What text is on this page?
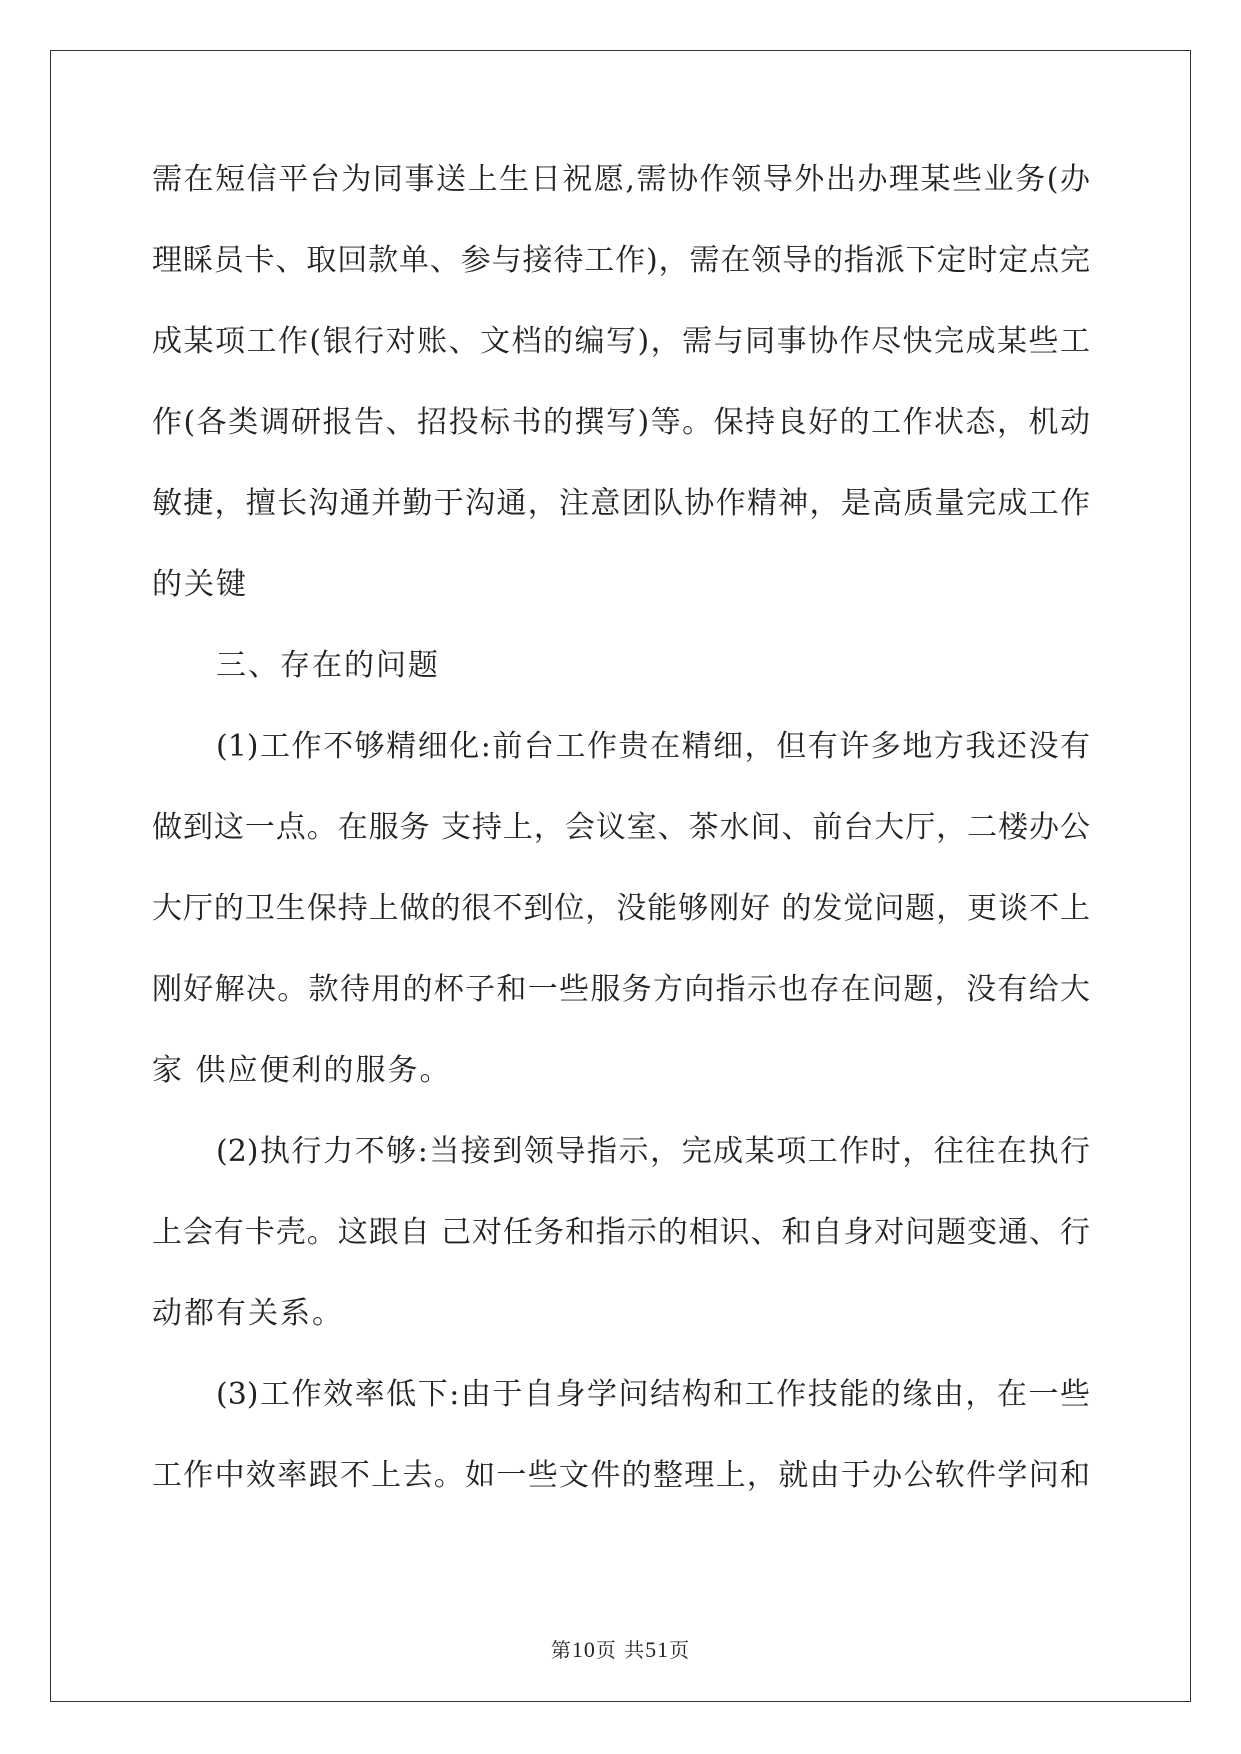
需在短信平台为同事送上生日祝愿,需协作领导外出办理某些业务(办
理睬员卡、取回款单、参与接待工作)，需在领导的指派下定时定点完
成某项工作(银行对账、文档的编写)，需与同事协作尽快完成某些工
作(各类调研报告、招投标书的撰写)等。保持良好的工作状态，机动
敏捷，擅长沟通并勤于沟通，注意团队协作精神，是高质量完成工作
的关键
三、存在的问题
(1)工作不够精细化:前台工作贵在精细，但有许多地方我还没有
做到这一点。在服务 支持上，会议室、茶水间、前台大厅，二楼办公
大厅的卫生保持上做的很不到位，没能够刚好 的发觉问题，更谈不上
刚好解决。款待用的杯子和一些服务方向指示也存在问题，没有给大
家 供应便利的服务。
(2)执行力不够:当接到领导指示，完成某项工作时，往往在执行
上会有卡壳。这跟自 己对任务和指示的相识、和自身对问题变通、行
动都有关系。
(3)工作效率低下:由于自身学问结构和工作技能的缘由，在一些
工作中效率跟不上去。如一些文件的整理上，就由于办公软件学问和
第10页 共51页
